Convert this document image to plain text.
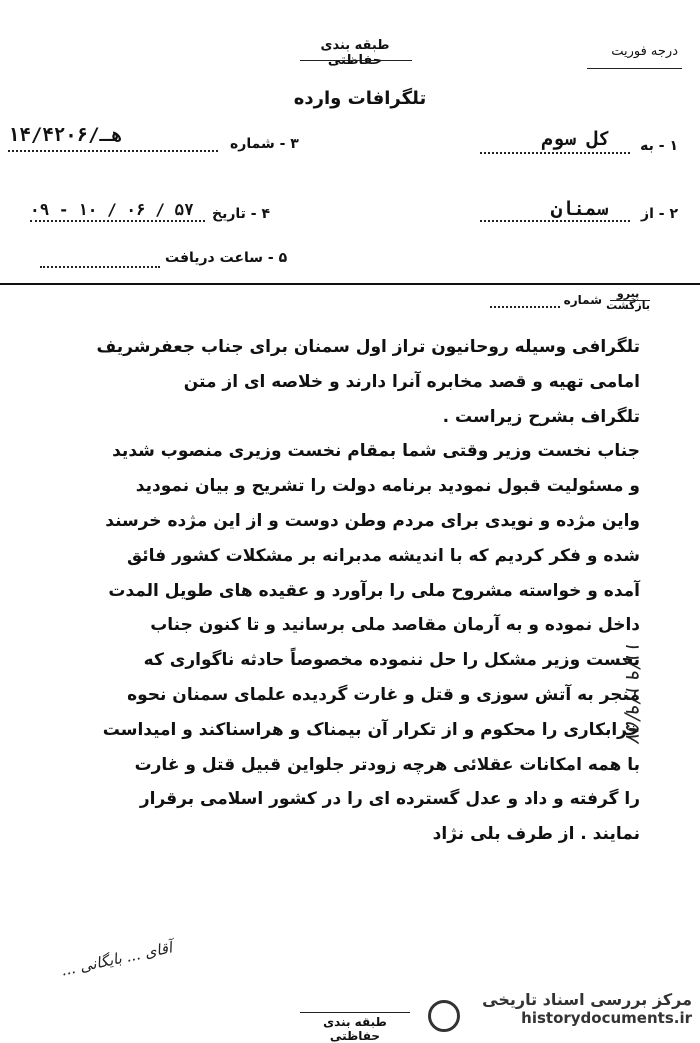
طبقه بندی حفاظتی
درجه فوریت
تلگرافات وارده
۱ - به
کل سوم
۳ - شماره
۱۴/۴۲۰۶/هـ
۲ - از
سمنان
۴ - تاریخ
۰۹ - ۱۰ / ۰۶ / ۵۷
۵ - ساعت دریافت
پیرو
بازگشت
شماره

تلگرافی وسیله روحانیون تراز اول سمنان برای جناب جعفرشریف

امامی تهیه و قصد مخابره آنرا دارند و خلاصه ای از متن

تلگراف بشرح زیراست .

جناب نخست وزیر وقتی شما بمقام نخست وزیری منصوب شدید

و مسئولیت قبول نمودید برنامه دولت را تشریح و بیان نمودید

واین مژده و نویدی برای مردم وطن دوست و از این مژده خرسند

شده و فکر کردیم که با اندیشه مدبرانه بر مشکلات کشور فائق

آمده و خواسته مشروح ملی را برآورد و عقیده های طویل المدت

داخل نموده و به آرمان مقاصد ملی برسانید و تا کنون جناب

نخست وزیر مشکل را حل ننموده مخصوصاً حادثه ناگواری که

منجر به آتش سوزی و قتل و غارت گردیده علمای سمنان نحوه

خرابکاری را محکوم و از تکرار آن بیمناک و هراسناکند و امیداست

با همه امکانات عقلائی هرچه زودتر جلواین قبیل قتل و غارت

را گرفته و داد و عدل گسترده ای را در کشور اسلامی برقرار

نمایند . از طرف بلی نژاد

۱۱/۹ ۲/۹/۵۷
آقای ... بایگانی ...
طبقه بندی حفاظتی
مرکز بررسی اسناد تاریخی
historydocuments.ir
